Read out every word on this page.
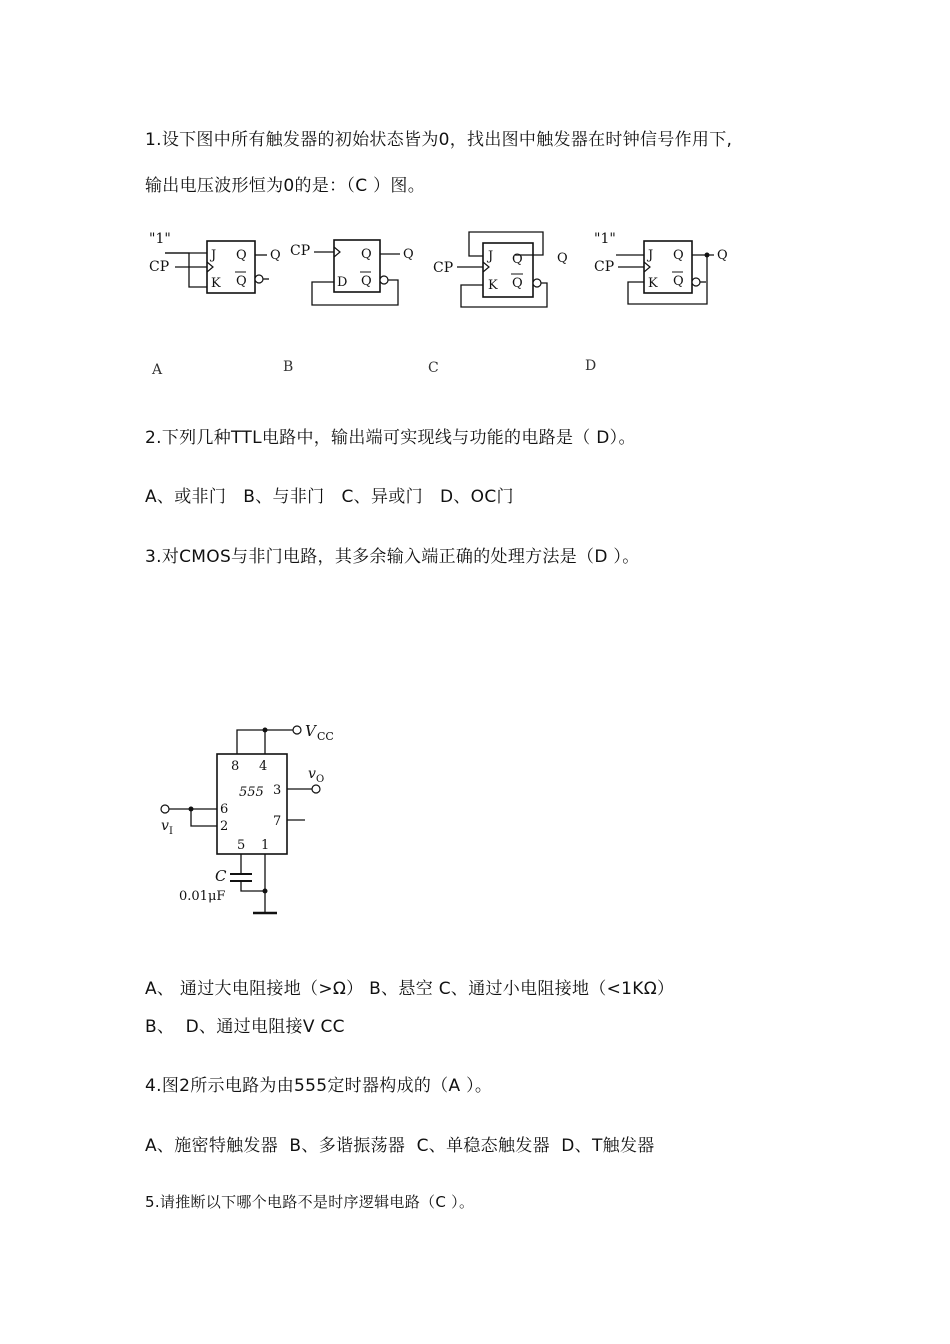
1.设下图中所有触发器的初始状态皆为0，找出图中触发器在时钟信号作用下,
输出电压波形恒为0的是：（C ）图。
"1"
CP
J
K
Q
Q
Q
A
CP
D
Q
Q
Q
B
CP
J
K
Q
Q
Q
C
"1"
CP
J
K
Q
Q
Q
D
2.下列几种TTL电路中，输出端可实现线与功能的电路是（ D）。
A、或非门   B、与非门   C、异或门   D、OC门
3.对CMOS与非门电路，其多余输入端正确的处理方法是（D ）。
V CC
8 4
555 3
6
2	7
5 1
v O
v I
C
0.01μF
A、 通过大电阻接地（>Ω） B、悬空 C、通过小电阻接地（<1KΩ）
B、  D、通过电阻接V CC
4.图2所示电路为由555定时器构成的（A ）。
A、施密特触发器  B、多谐振荡器  C、单稳态触发器  D、T触发器
5.请推断以下哪个电路不是时序逻辑电路（C ）。
